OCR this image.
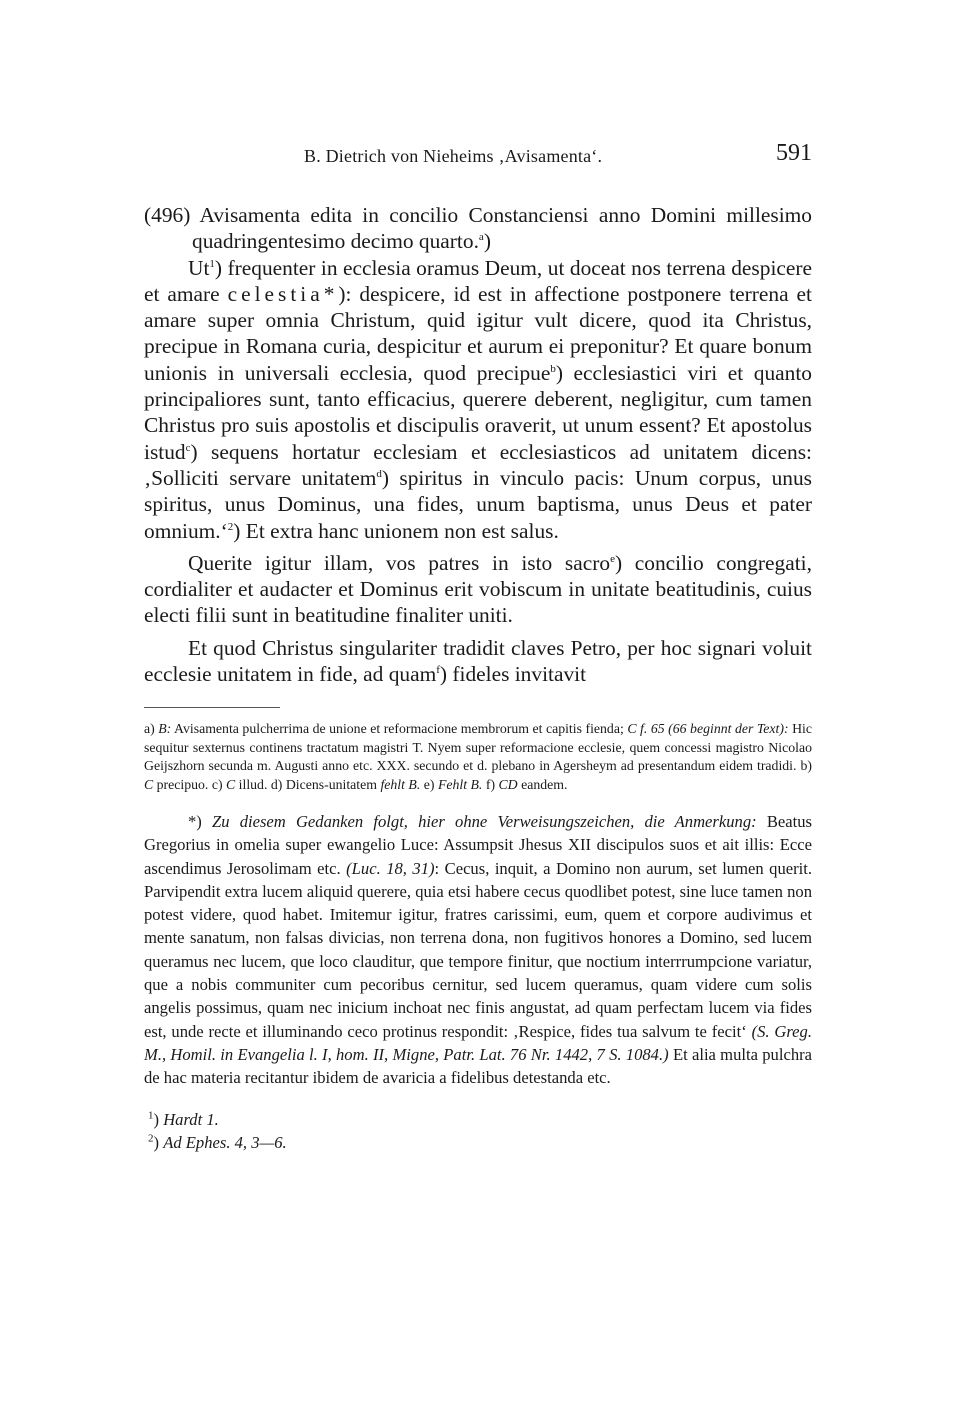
B. Dietrich von Nieheims ‚Avisamenta‘.	591

(496) Avisamenta edita in concilio Constanciensi anno Domini millesimo quadringentesimo decimo quarto.$^a$)

Ut$^1$) frequenter in ecclesia oramus Deum, ut doceat nos terrena despicere et amare celestia*): despicere, id est in affectione postponere terrena et amare super omnia Christum, quid igitur vult dicere, quod ita Christus, precipue in Romana curia, despicitur et aurum ei preponitur? Et quare bonum unionis in universali ecclesia, quod precipue$^b$) ecclesiastici viri et quanto principaliores sunt, tanto efficacius, querere deberent, negligitur, cum tamen Christus pro suis apostolis et discipulis oraverit, ut unum essent? Et apostolus istud$^c$) sequens hortatur ecclesiam et ecclesiasticos ad unitatem dicens: ‚Solliciti servare unitatem$^d$) spiritus in vinculo pacis: Unum corpus, unus spiritus, unus Dominus, una fides, unum baptisma, unus Deus et pater omnium.‘$^2$) Et extra hanc unionem non est salus.

Querite igitur illam, vos patres in isto sacro$^e$) concilio congregati, cordialiter et audacter et Dominus erit vobiscum in unitate beatitudinis, cuius electi filii sunt in beatitudine finaliter uniti.

Et quod Christus singulariter tradidit claves Petro, per hoc signari voluit ecclesie unitatem in fide, ad quam$^f$) fideles invitavit

a) B: Avisamenta pulcherrima de unione et reformacione membrorum et capitis fienda; C f. 65 (66 beginnt der Text): Hic sequitur sexternus continens tractatum magistri T. Nyem super reformacione ecclesie, quem concessi magistro Nicolao Geijszhorn secunda m. Augusti anno etc. XXX. secundo et d. plebano in Agersheym ad presentandum eidem tradidi. b) C precipuo. c) C illud. d) Dicens-unitatem fehlt B. e) Fehlt B. f) CD eandem.

*) Zu diesem Gedanken folgt, hier ohne Verweisungszeichen, die Anmerkung: Beatus Gregorius in omelia super ewangelio Luce: Assumpsit Jhesus XII discipulos suos et ait illis: Ecce ascendimus Jerosolimam etc. (Luc. 18, 31): Cecus, inquit, a Domino non aurum, set lumen querit. Parvipendit extra lucem aliquid querere, quia etsi habere cecus quodlibet potest, sine luce tamen non potest videre, quod habet. Imitemur igitur, fratres carissimi, eum, quem et corpore audivimus et mente sanatum, non falsas divicias, non terrena dona, non fugitivos honores a Domino, sed lucem queramus nec lucem, que loco clauditur, que tempore finitur, que noctium interrrumpcione variatur, que a nobis communiter cum pecoribus cernitur, sed lucem queramus, quam videre cum solis angelis possimus, quam nec inicium inchoat nec finis angustat, ad quam perfectam lucem via fides est, unde recte et illuminando ceco protinus respondit: ‚Respice, fides tua salvum te fecit‘ (S. Greg. M., Homil. in Evangelia l. I, hom. II, Migne, Patr. Lat. 76 Nr. 1442, 7 S. 1084.) Et alia multa pulchra de hac materia recitantur ibidem de avaricia a fidelibus detestanda etc.

$^1$) Hardt 1.

$^2$) Ad Ephes. 4, 3—6.
